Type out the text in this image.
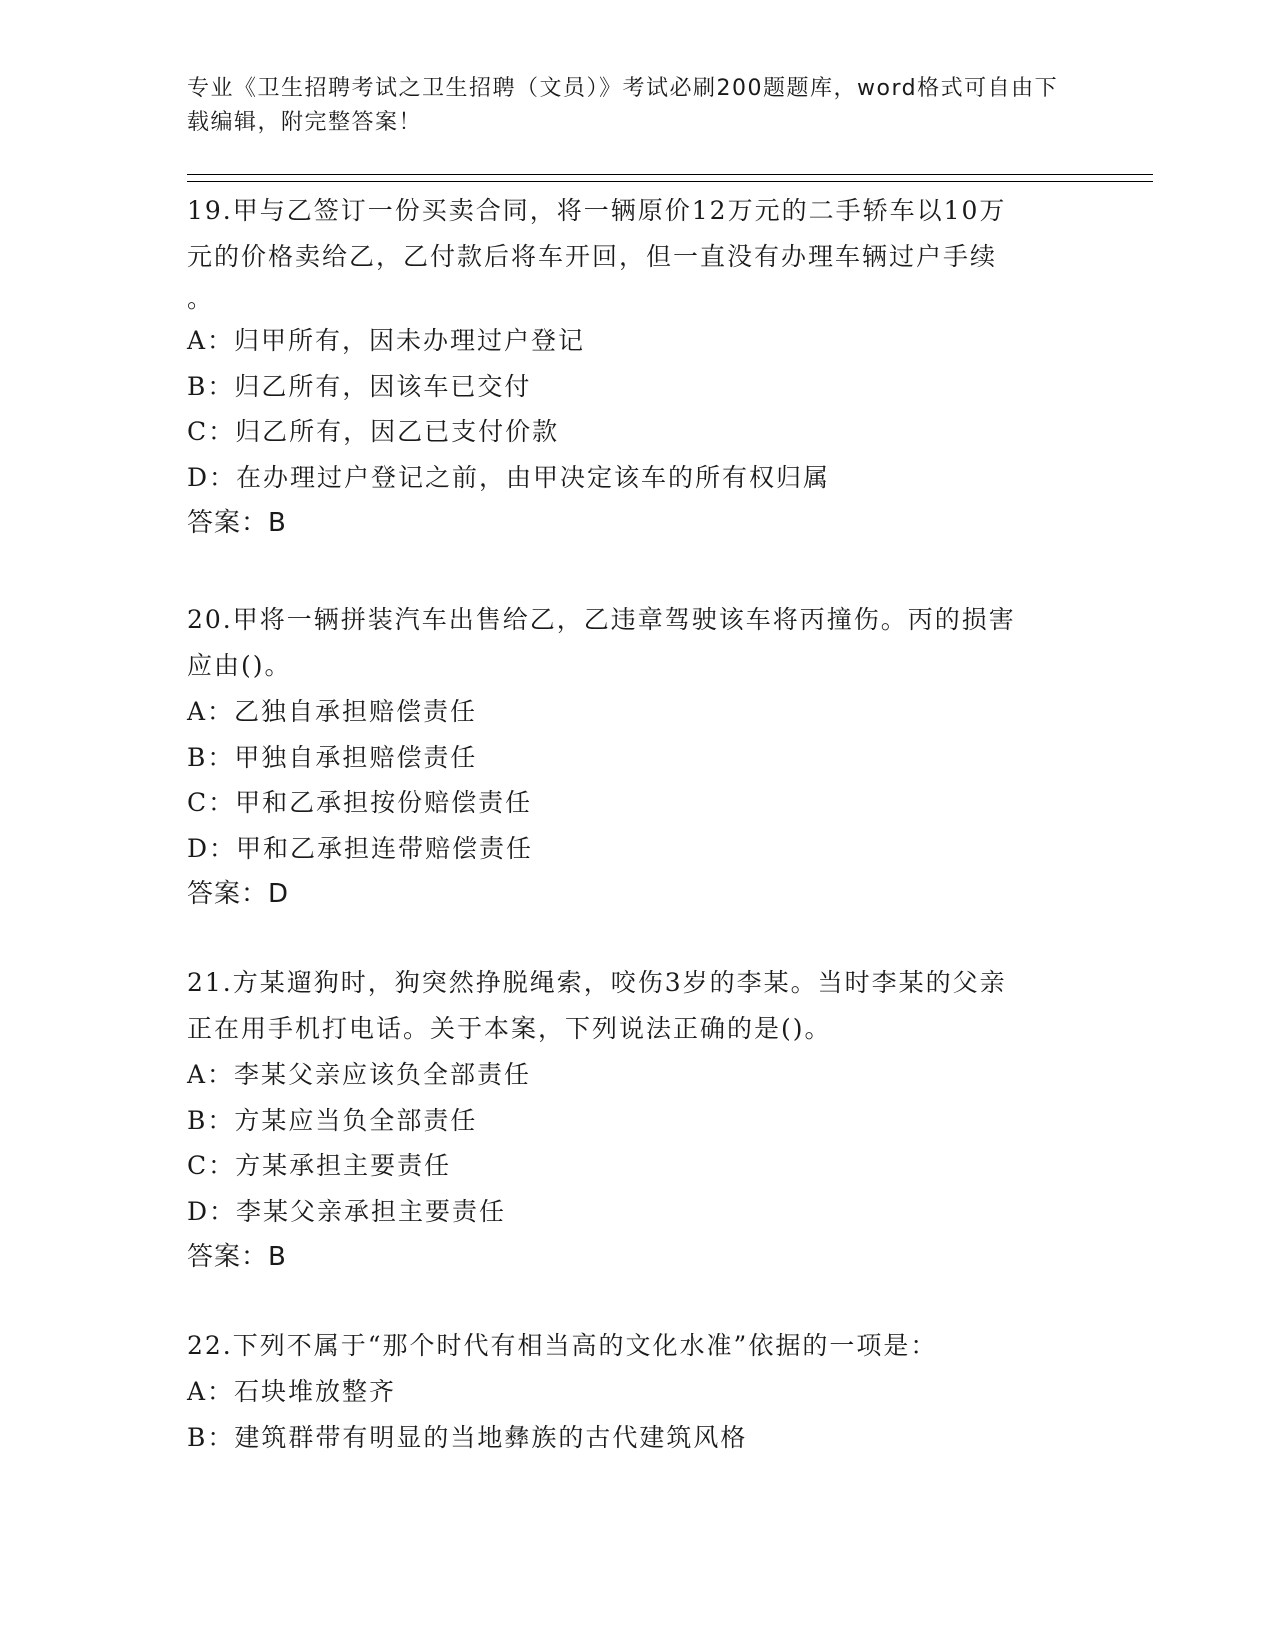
专业《卫生招聘考试之卫生招聘（文员）》考试必刷200题题库，word格式可自由下载编辑，附完整答案！

19.甲与乙签订一份买卖合同，将一辆原价12万元的二手轿车以10万

元的价格卖给乙，乙付款后将车开回，但一直没有办理车辆过户手续

。

A：归甲所有，因未办理过户登记

B：归乙所有，因该车已交付

C：归乙所有，因乙已支付价款

D：在办理过户登记之前，由甲决定该车的所有权归属

答案：B

20.甲将一辆拼装汽车出售给乙，乙违章驾驶该车将丙撞伤。丙的损害

应由()。

A：乙独自承担赔偿责任

B：甲独自承担赔偿责任

C：甲和乙承担按份赔偿责任

D：甲和乙承担连带赔偿责任

答案：D

21.方某遛狗时，狗突然挣脱绳索，咬伤3岁的李某。当时李某的父亲

正在用手机打电话。关于本案，下列说法正确的是()。

A：李某父亲应该负全部责任

B：方某应当负全部责任

C：方某承担主要责任

D：李某父亲承担主要责任

答案：B

22.下列不属于“那个时代有相当高的文化水准”依据的一项是：

A：石块堆放整齐

B：建筑群带有明显的当地彝族的古代建筑风格
